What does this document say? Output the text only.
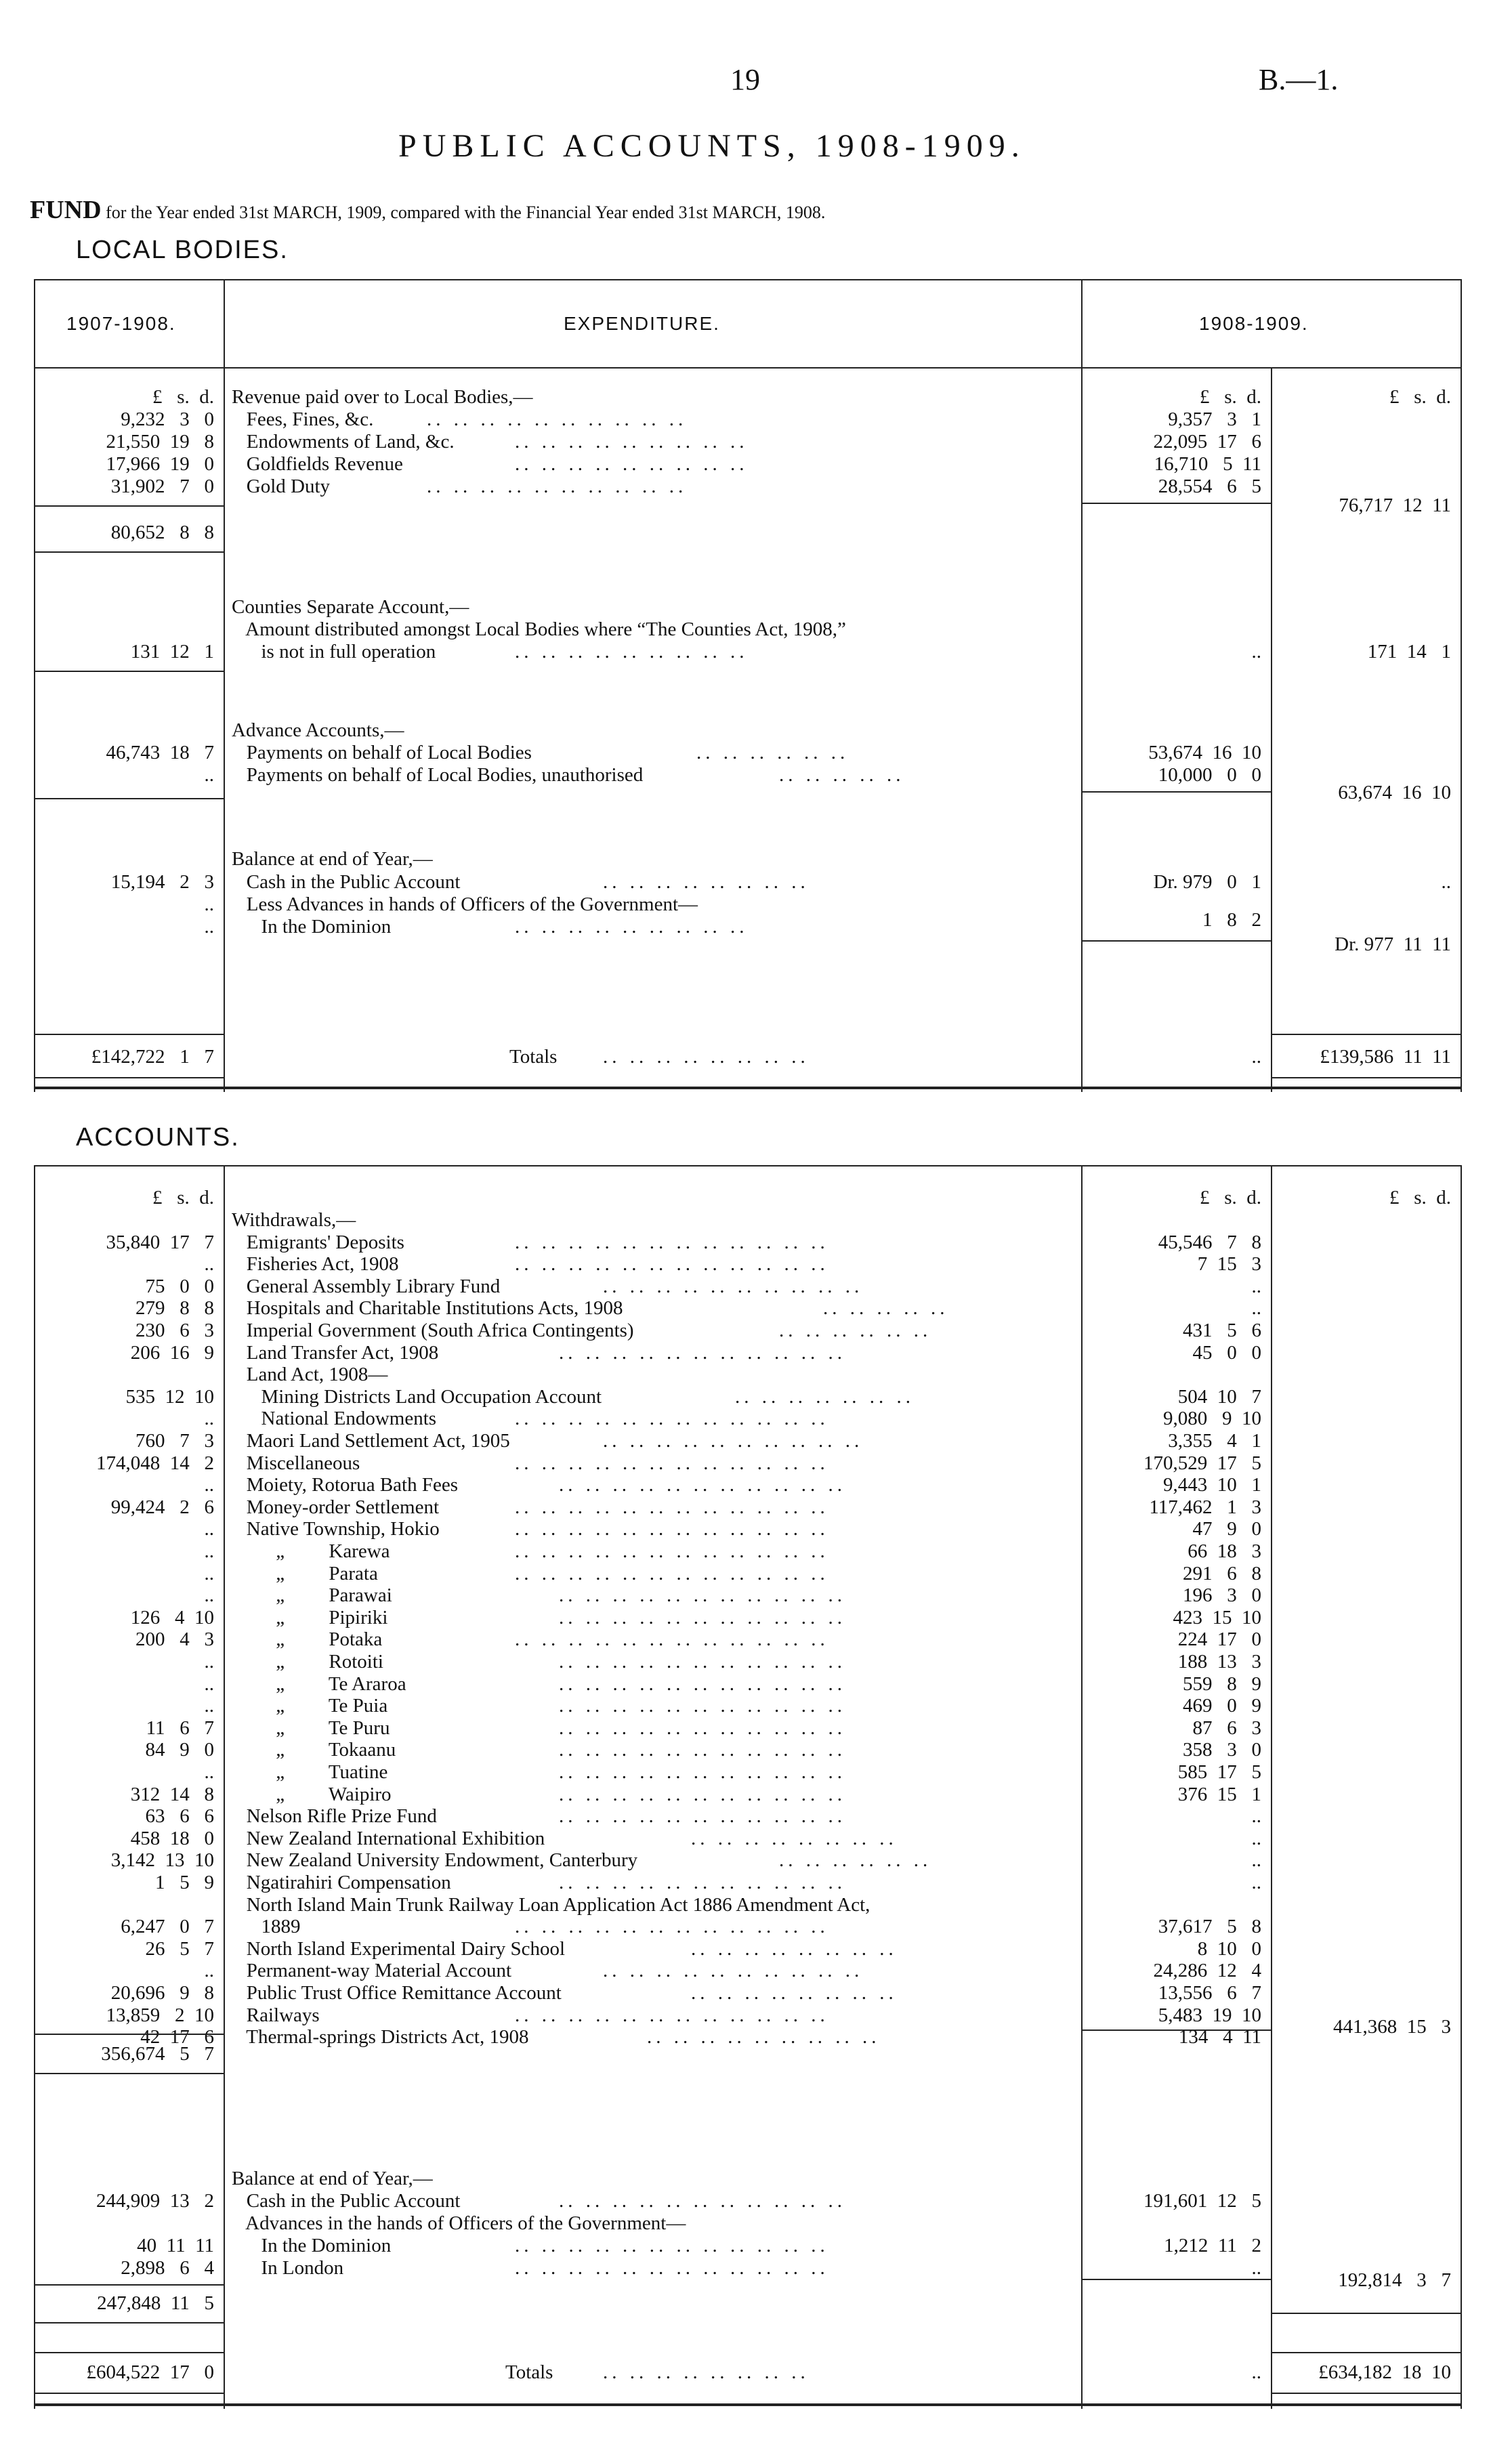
19	B.—1.
PUBLIC ACCOUNTS, 1908-1909.
FUND for the Year ended 31st MARCH, 1909, compared with the Financial Year ended 31st MARCH, 1908.
LOCAL BODIES.
1907-1908.	EXPENDITURE.	1908-1909.
£   s.  d.	£   s.  d.	£   s.  d.
Revenue paid over to Local Bodies,—
9,232   3   0 Fees, Fines, &c.	9,357   3   1
21,550  19   8 Endowments of Land, &c.	22,095  17   6
17,966  19   0 Goldfields Revenue	16,710   5  11
31,902   7   0 Gold Duty	28,554   6   5
80,652   8   8
76,717  12  11
Counties Separate Account,—
Amount distributed amongst Local Bodies where “The Counties Act, 1908,”
131  12   1 is not in full operation	..	171  14   1
Advance Accounts,—
46,743  18   7 Payments on behalf of Local Bodies	53,674  16  10
.. Payments on behalf of Local Bodies, unauthorised	10,000   0   0
63,674  16  10
Balance at end of Year,—
15,194   2   3 Cash in the Public Account	Dr. 979   0   1	..
.. Less Advances in hands of Officers of the Government—
.. In the Dominion	1   8   2
Dr. 977  11  11
£142,722   1   7	Totals	..	£139,586  11  11
.. .. .. .. .. .. .. .. .. ..
.. .. .. .. .. .. .. .. ..
.. .. .. .. .. .. .. .. ..
.. .. .. .. .. .. .. .. .. ..
.. .. .. .. .. .. .. .. ..
.. .. .. .. .. ..
.. .. .. .. ..
.. .. .. .. .. .. .. ..
.. .. .. .. .. .. .. .. ..
.. .. .. .. .. .. .. ..
ACCOUNTS.
£   s.  d.	£   s.  d.	£   s.  d.
Withdrawals,—
35,840  17   7 Emigrants' Deposits	45,546   7   8
.. .. .. .. .. .. .. .. .. .. .. ..
.. Fisheries Act, 1908	7  15   3
.. .. .. .. .. .. .. .. .. .. .. ..
75   0   0 General Assembly Library Fund	..
.. .. .. .. .. .. .. .. .. ..
279   8   8 Hospitals and Charitable Institutions Acts, 1908	..
.. .. .. .. ..
230   6   3 Imperial Government (South Africa Contingents)	431   5   6
.. .. .. .. .. ..
206  16   9 Land Transfer Act, 1908	45   0   0
.. .. .. .. .. .. .. .. .. .. ..
Land Act, 1908—
535  12  10 Mining Districts Land Occupation Account	504  10   7
.. .. .. .. .. .. ..
.. National Endowments	9,080   9  10
.. .. .. .. .. .. .. .. .. .. .. ..
760   7   3 Maori Land Settlement Act, 1905	3,355   4   1
.. .. .. .. .. .. .. .. .. ..
174,048  14   2 Miscellaneous	170,529  17   5
.. .. .. .. .. .. .. .. .. .. .. ..
.. Moiety, Rotorua Bath Fees	9,443  10   1
.. .. .. .. .. .. .. .. .. .. ..
99,424   2   6 Money-order Settlement	117,462   1   3
.. .. .. .. .. .. .. .. .. .. .. ..
.. Native Township, Hokio	47   9   0
.. .. .. .. .. .. .. .. .. .. .. ..
.. „         Karewa	66  18   3
.. .. .. .. .. .. .. .. .. .. .. ..
.. „         Parata	291   6   8
.. .. .. .. .. .. .. .. .. .. .. ..
.. „         Parawai	196   3   0
.. .. .. .. .. .. .. .. .. .. ..
126   4  10 „         Pipiriki	423  15  10
.. .. .. .. .. .. .. .. .. .. ..
200   4   3 „         Potaka	224  17   0
.. .. .. .. .. .. .. .. .. .. .. ..
.. „         Rotoiti	188  13   3
.. .. .. .. .. .. .. .. .. .. ..
.. „         Te Araroa	559   8   9
.. .. .. .. .. .. .. .. .. .. ..
.. „         Te Puia	469   0   9
.. .. .. .. .. .. .. .. .. .. ..
11   6   7 „         Te Puru	87   6   3
.. .. .. .. .. .. .. .. .. .. ..
84   9   0 „         Tokaanu	358   3   0
.. .. .. .. .. .. .. .. .. .. ..
.. „         Tuatine	585  17   5
.. .. .. .. .. .. .. .. .. .. ..
312  14   8 „         Waipiro	376  15   1
.. .. .. .. .. .. .. .. .. .. ..
63   6   6 Nelson Rifle Prize Fund	..
.. .. .. .. .. .. .. .. .. .. ..
458  18   0 New Zealand International Exhibition	..
.. .. .. .. .. .. .. ..
3,142  13  10 New Zealand University Endowment, Canterbury	..
.. .. .. .. .. ..
1   5   9 Ngatirahiri Compensation	..
.. .. .. .. .. .. .. .. .. .. ..
North Island Main Trunk Railway Loan Application Act 1886 Amendment Act,
6,247   0   7 1889	37,617   5   8
.. .. .. .. .. .. .. .. .. .. .. ..
26   5   7 North Island Experimental Dairy School	8  10   0
.. .. .. .. .. .. .. ..
.. Permanent-way Material Account	24,286  12   4
.. .. .. .. .. .. .. .. .. ..
20,696   9   8 Public Trust Office Remittance Account	13,556   6   7
.. .. .. .. .. .. .. ..
13,859   2  10 Railways	5,483  19  10
.. .. .. .. .. .. .. .. .. .. .. ..
42  17   6 Thermal-springs Districts Act, 1908	134   4  11
.. .. .. .. .. .. .. .. ..
356,674   5   7
441,368  15   3
Balance at end of Year,—
244,909  13   2 Cash in the Public Account	191,601  12   5
.. .. .. .. .. .. .. .. .. .. ..
Advances in the hands of Officers of the Government—
40  11  11 In the Dominion	1,212  11   2
.. .. .. .. .. .. .. .. .. .. .. ..
2,898   6   4 In London	..
.. .. .. .. .. .. .. .. .. .. .. ..
247,848  11   5
192,814   3   7
£604,522  17   0	Totals	..	£634,182  18  10
.. .. .. .. .. .. .. ..
